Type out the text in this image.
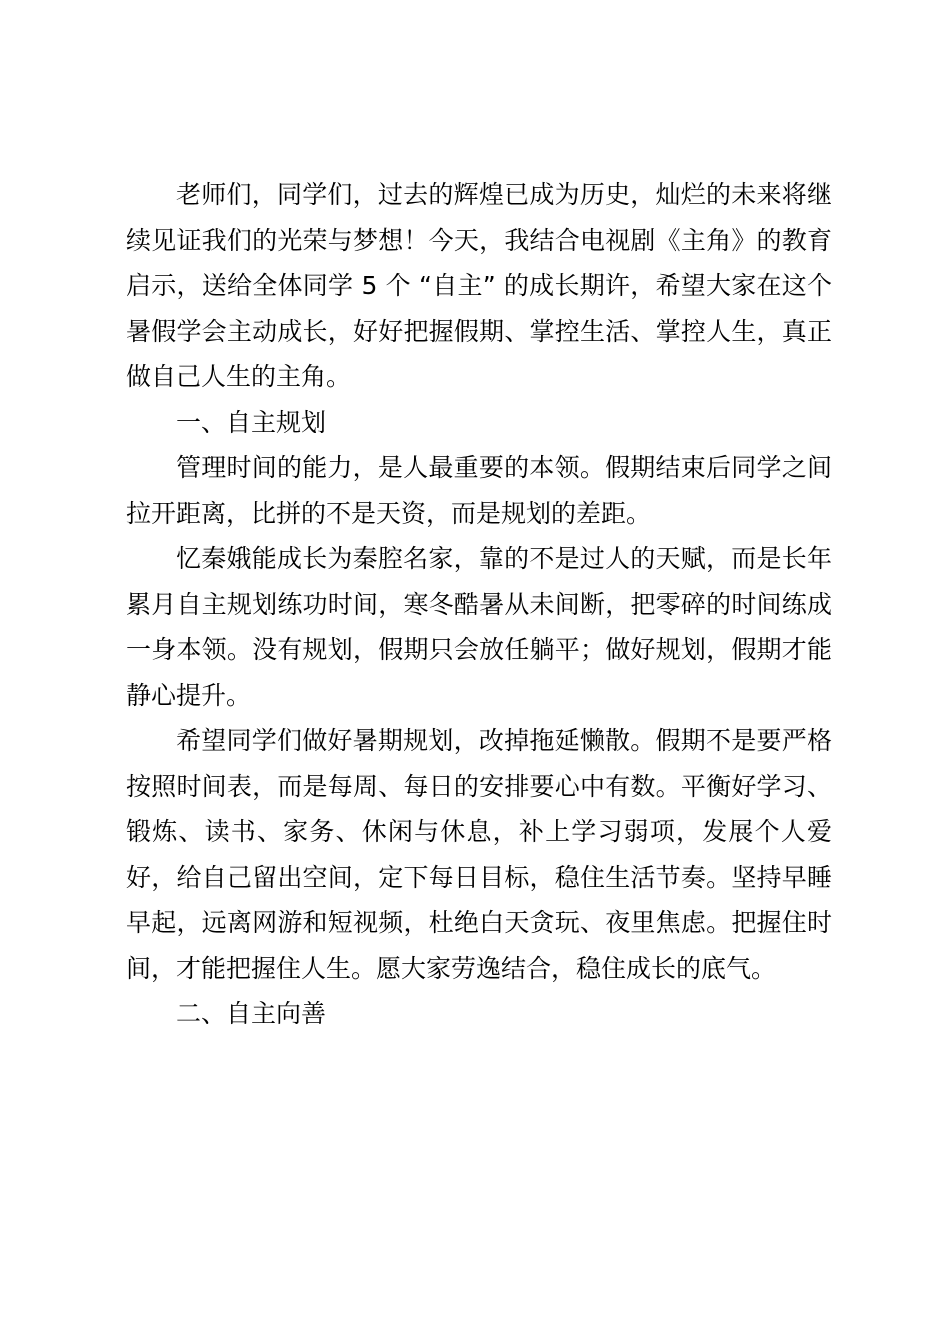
老师们，同学们，过去的辉煌已成为历史，灿烂的未来将继续见证我们的光荣与梦想！今天，我结合电视剧《主角》的教育启示，送给全体同学 5 个 “自主” 的成长期许，希望大家在这个暑假学会主动成长，好好把握假期、掌控生活、掌控人生，真正做自己人生的主角。

一、自主规划

管理时间的能力，是人最重要的本领。假期结束后同学之间拉开距离，比拼的不是天资，而是规划的差距。

忆秦娥能成长为秦腔名家，靠的不是过人的天赋，而是长年累月自主规划练功时间，寒冬酷暑从未间断，把零碎的时间练成一身本领。没有规划，假期只会放任躺平；做好规划，假期才能静心提升。

希望同学们做好暑期规划，改掉拖延懒散。假期不是要严格按照时间表，而是每周、每日的安排要心中有数。平衡好学习、锻炼、读书、家务、休闲与休息，补上学习弱项，发展个人爱好，给自己留出空间，定下每日目标，稳住生活节奏。坚持早睡早起，远离网游和短视频，杜绝白天贪玩、夜里焦虑。把握住时间，才能把握住人生。愿大家劳逸结合，稳住成长的底气。

二、自主向善
